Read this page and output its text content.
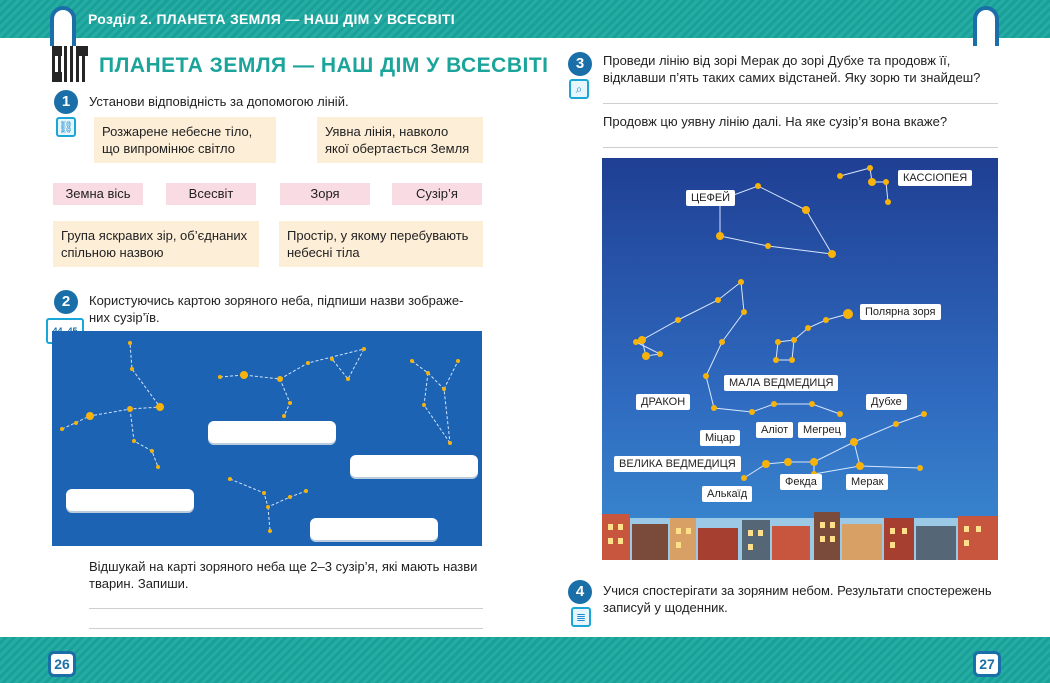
Розділ 2. ПЛАНЕТА ЗЕМЛЯ — НАШ ДІМ У ВСЕСВІТІ
ПЛАНЕТА ЗЕМЛЯ — НАШ ДІМ У ВСЕСВІТІ
1
⛓
Установи відповідність за допомогою ліній.
Розжарене небесне тіло, що випромінює світло
Уявна лінія, навколо якої обертається Земля
Земна вісь	Всесвіт	Зоря	Сузір’я
Група яскравих зір, об’єднаних спільною назвою
Простір, у якому перебувають небесні тіла
2	Користуючись картою зоряного неба, підпиши назви зображе-
них сузір’їв.
Відшукай на карті зоряного неба ще 2–3 сузір’я, які мають назви
тварин. Запиши.
3
⌕
Проведи лінію від зорі Мерак до зорі Дубхе та продовж її,
відклавши п’ять таких самих відстаней. Яку зорю ти знайдеш?
Продовж цю уявну лінію далі. На яке сузір’я вона вкаже?
КАССІОПЕЯ
ЦЕФЕЙ
Полярна зоря
МАЛА ВЕДМЕДИЦЯ
ДРАКОН	Дубхе
Мегрец
Аліот
Міцар
ВЕЛИКА ВЕДМЕДИЦЯ
Фекда	Мерак
Алькаїд
4
≣
Учися спостерігати за зоряним небом. Результати спостережень
записуй у щоденник.
26	27
